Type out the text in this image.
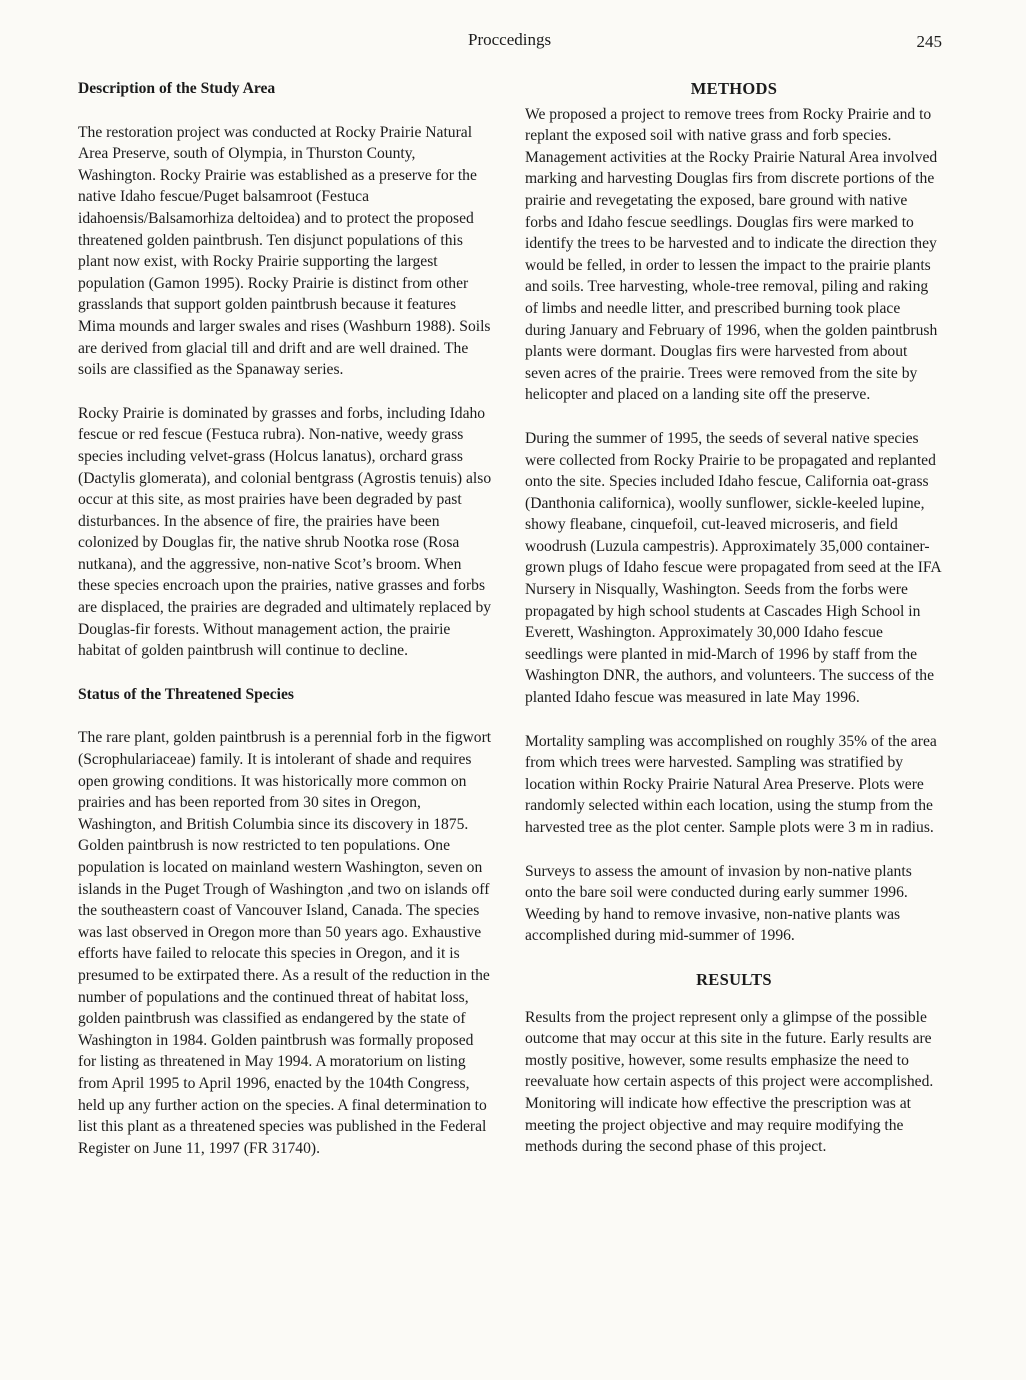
Proccedings	245
Description of the Study Area

The restoration project was conducted at Rocky Prairie Natural Area Preserve, south of Olympia, in Thurston County, Washington. Rocky Prairie was established as a preserve for the native Idaho fescue/Puget balsamroot (Festuca idahoensis/Balsamorhiza deltoidea) and to protect the proposed threatened golden paintbrush. Ten disjunct populations of this plant now exist, with Rocky Prairie supporting the largest population (Gamon 1995). Rocky Prairie is distinct from other grasslands that support golden paintbrush because it features Mima mounds and larger swales and rises (Washburn 1988). Soils are derived from glacial till and drift and are well drained. The soils are classified as the Spanaway series.

Rocky Prairie is dominated by grasses and forbs, including Idaho fescue or red fescue (Festuca rubra). Non-native, weedy grass species including velvet-grass (Holcus lanatus), orchard grass (Dactylis glomerata), and colonial bentgrass (Agrostis tenuis) also occur at this site, as most prairies have been degraded by past disturbances. In the absence of fire, the prairies have been colonized by Douglas fir, the native shrub Nootka rose (Rosa nutkana), and the aggressive, non-native Scot’s broom. When these species encroach upon the prairies, native grasses and forbs are displaced, the prairies are degraded and ultimately replaced by Douglas-fir forests. Without management action, the prairie habitat of golden paintbrush will continue to decline.

Status of the Threatened Species

The rare plant, golden paintbrush is a perennial forb in the figwort (Scrophulariaceae) family. It is intolerant of shade and requires open growing conditions. It was historically more common on prairies and has been reported from 30 sites in Oregon, Washington, and British Columbia since its discovery in 1875. Golden paintbrush is now restricted to ten populations. One population is located on mainland western Washington, seven on islands in the Puget Trough of Washington ,and two on islands off the southeastern coast of Vancouver Island, Canada. The species was last observed in Oregon more than 50 years ago. Exhaustive efforts have failed to relocate this species in Oregon, and it is presumed to be extirpated there. As a result of the reduction in the number of populations and the continued threat of habitat loss, golden paintbrush was classified as endangered by the state of Washington in 1984. Golden paintbrush was formally proposed for listing as threatened in May 1994. A moratorium on listing from April 1995 to April 1996, enacted by the 104th Congress, held up any further action on the species. A final determination to list this plant as a threatened species was published in the Federal Register on June 11, 1997 (FR 31740).

METHODS

We proposed a project to remove trees from Rocky Prairie and to replant the exposed soil with native grass and forb species. Management activities at the Rocky Prairie Natural Area involved marking and harvesting Douglas firs from discrete portions of the prairie and revegetating the exposed, bare ground with native forbs and Idaho fescue seedlings. Douglas firs were marked to identify the trees to be harvested and to indicate the direction they would be felled, in order to lessen the impact to the prairie plants and soils. Tree harvesting, whole-tree removal, piling and raking of limbs and needle litter, and prescribed burning took place during January and February of 1996, when the golden paintbrush plants were dormant. Douglas firs were harvested from about seven acres of the prairie. Trees were removed from the site by helicopter and placed on a landing site off the preserve.

During the summer of 1995, the seeds of several native species were collected from Rocky Prairie to be propagated and replanted onto the site. Species included Idaho fescue, California oat-grass (Danthonia californica), woolly sunflower, sickle-keeled lupine, showy fleabane, cinquefoil, cut-leaved microseris, and field woodrush (Luzula campestris). Approximately 35,000 container-grown plugs of Idaho fescue were propagated from seed at the IFA Nursery in Nisqually, Washington. Seeds from the forbs were propagated by high school students at Cascades High School in Everett, Washington. Approximately 30,000 Idaho fescue seedlings were planted in mid-March of 1996 by staff from the Washington DNR, the authors, and volunteers. The success of the planted Idaho fescue was measured in late May 1996.

Mortality sampling was accomplished on roughly 35% of the area from which trees were harvested. Sampling was stratified by location within Rocky Prairie Natural Area Preserve. Plots were randomly selected within each location, using the stump from the harvested tree as the plot center. Sample plots were 3 m in radius.

Surveys to assess the amount of invasion by non-native plants onto the bare soil were conducted during early summer 1996. Weeding by hand to remove invasive, non-native plants was accomplished during mid-summer of 1996.

RESULTS

Results from the project represent only a glimpse of the possible outcome that may occur at this site in the future. Early results are mostly positive, however, some results emphasize the need to reevaluate how certain aspects of this project were accomplished. Monitoring will indicate how effective the prescription was at meeting the project objective and may require modifying the methods during the second phase of this project.
